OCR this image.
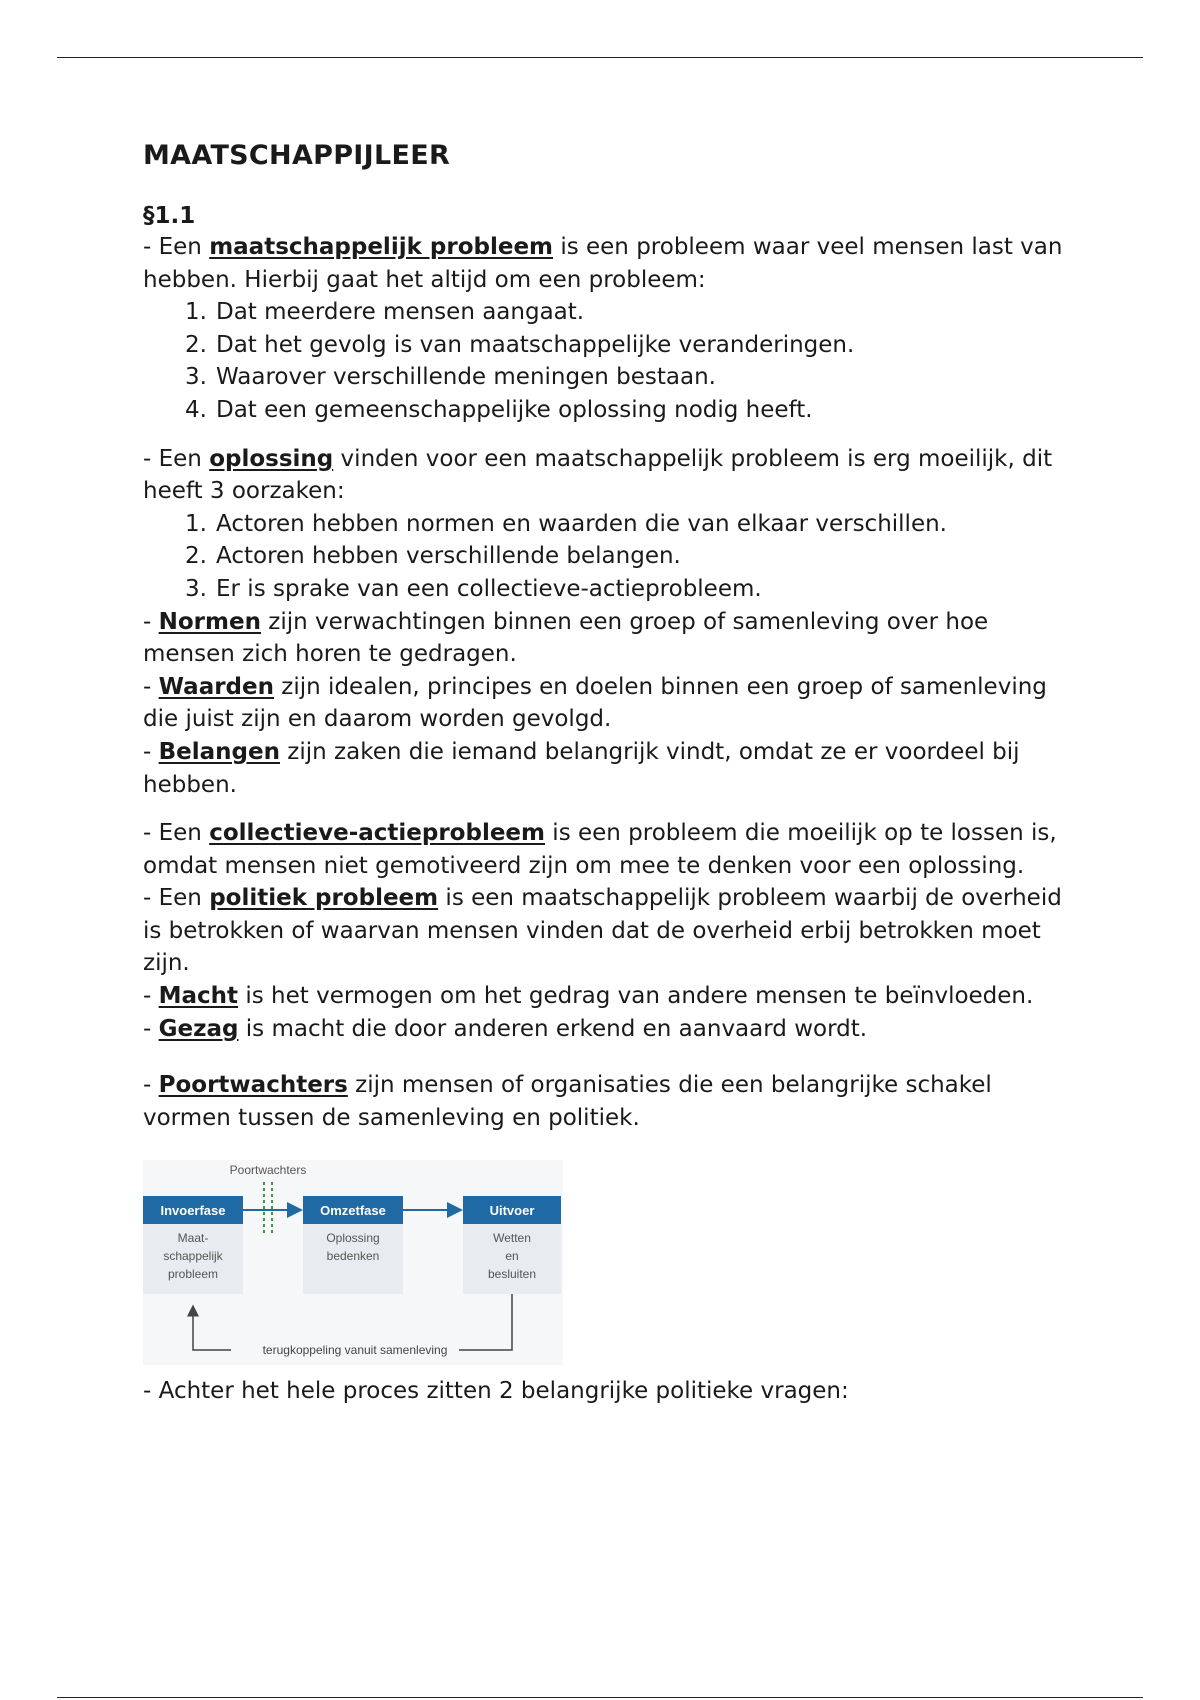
MAATSCHAPPIJLEER

§1.1

- Een maatschappelijk probleem is een probleem waar veel mensen last van hebben. Hierbij gaat het altijd om een probleem:

1. Dat meerdere mensen aangaat.
2. Dat het gevolg is van maatschappelijke veranderingen.
3. Waarover verschillende meningen bestaan.
4. Dat een gemeenschappelijke oplossing nodig heeft.

- Een oplossing vinden voor een maatschappelijk probleem is erg moeilijk, dit heeft 3 oorzaken:

1. Actoren hebben normen en waarden die van elkaar verschillen.
2. Actoren hebben verschillende belangen.
3. Er is sprake van een collectieve-actieprobleem.

- Normen zijn verwachtingen binnen een groep of samenleving over hoe mensen zich horen te gedragen.

- Waarden zijn idealen, principes en doelen binnen een groep of samenleving die juist zijn en daarom worden gevolgd.

- Belangen zijn zaken die iemand belangrijk vindt, omdat ze er voordeel bij hebben.

- Een collectieve-actieprobleem is een probleem die moeilijk op te lossen is, omdat mensen niet gemotiveerd zijn om mee te denken voor een oplossing.

- Een politiek probleem is een maatschappelijk probleem waarbij de overheid is betrokken of waarvan mensen vinden dat de overheid erbij betrokken moet zijn.

- Macht is het vermogen om het gedrag van andere mensen te beïnvloeden.

- Gezag is macht die door anderen erkend en aanvaard wordt.

- Poortwachters zijn mensen of organisaties die een belangrijke schakel vormen tussen de samenleving en politiek.

Poortwachters
Invoerfase
Maat-
schappelijk
probleem
Omzetfase
Oplossing
bedenken
Uitvoer
Wetten
en
besluiten
terugkoppeling vanuit samenleving

- Achter het hele proces zitten 2 belangrijke politieke vragen:
